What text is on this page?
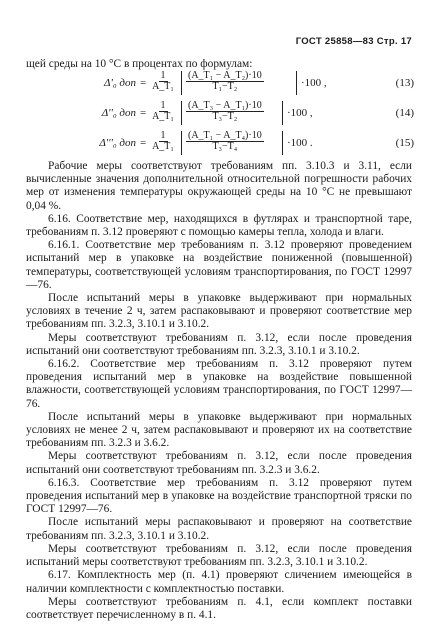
ГОСТ 25858—83 Стр. 17

щей среды на 10 °С в процентах по формулам:

Δ'₀ доп = $\frac{1}{\text{A\_T₁}} \frac{\text{(A\_T₁ − A\_T₂)·10}}{\text{T₁−T₂}}$	·100 ,	(13)
Δ''₀ доп = $\frac{1}{\text{A\_T₁}} \frac{\text{(A\_T₃ − A\_T₁)·10}}{\text{T₃−T₂}} \cdot 100$ ,	(14)
Δ'''₀ доп = $\frac{1}{\text{A\_T₁}} \frac{\text{(A\_T₁ − A\_T₄)·10}}{\text{T₃−T₄}} \cdot 100$ .	(15)

Рабочие меры соответствуют требованиям пп. 3.10.3 и 3.11, если вычисленные значения дополнительной относительной погрешности рабочих мер от изменения температуры окружающей среды на 10 °С не превышают 0,04 %.

6.16. Соответствие мер, находящихся в футлярах и транспортной таре, требованиям п. 3.12 проверяют с помощью камеры тепла, холода и влаги.

6.16.1. Соответствие мер требованиям п. 3.12 проверяют проведением испытаний мер в упаковке на воздействие пониженной (повышенной) температуры, соответствующей условиям транспортирования, по ГОСТ 12997—76.

После испытаний меры в упаковке выдерживают при нормальных условиях в течение 2 ч, затем распаковывают и проверяют соответствие мер требованиям пп. 3.2.3, 3.10.1 и 3.10.2.

Меры соответствуют требованиям п. 3.12, если после проведения испытаний они соответствуют требованиям пп. 3.2.3, 3.10.1 и 3.10.2.

6.16.2. Соответствие мер требованиям п. 3.12 проверяют путем проведения испытаний мер в упаковке на воздействие повышенной влажности, соответствующей условиям транспортирования, по ГОСТ 12997—76.

После испытаний меры в упаковке выдерживают при нормальных условиях не менее 2 ч, затем распаковывают и проверяют их на соответствие требованиям пп. 3.2.3 и 3.6.2.

Меры соответствуют требованиям п. 3.12, если после проведения испытаний они соответствуют требованиям пп. 3.2.3 и 3.6.2.

6.16.3. Соответствие мер требованиям п. 3.12 проверяют путем проведения испытаний мер в упаковке на воздействие транспортной тряски по ГОСТ 12997—76.

После испытаний меры распаковывают и проверяют на соответствие требованиям пп. 3.2.3, 3.10.1 и 3.10.2.

Меры соответствуют требованиям п. 3.12, если после проведения испытаний меры соответствуют требованиям пп. 3.2.3, 3.10.1 и 3.10.2.

6.17. Комплектность мер (п. 4.1) проверяют сличением имеющейся в наличии комплектности с комплектностью поставки.

Меры соответствуют требованиям п. 4.1, если комплект поставки соответствует перечисленному в п. 4.1.
